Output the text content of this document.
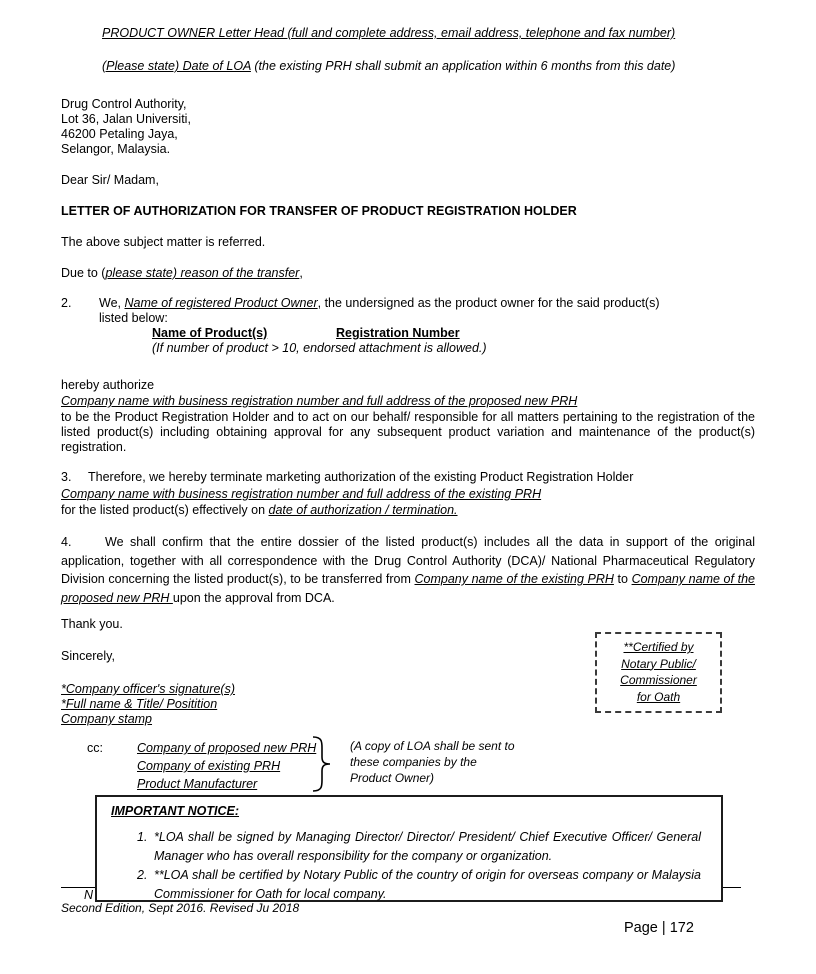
PRODUCT OWNER Letter Head (full and complete address, email address, telephone and fax number)
(Please state) Date of LOA (the existing PRH shall submit an application within 6 months from this date)
Drug Control Authority,
Lot 36, Jalan Universiti,
46200 Petaling Jaya,
Selangor, Malaysia.
Dear Sir/ Madam,
LETTER OF AUTHORIZATION FOR TRANSFER OF PRODUCT REGISTRATION HOLDER
The above subject matter is referred.
Due to (please state) reason of the transfer,
2. We, Name of registered Product Owner, the undersigned as the product owner for the said product(s)
listed below:
Name of Product(s)	Registration Number
(If number of product > 10, endorsed attachment is allowed.)
hereby authorize
Company name with business registration number and full address of the proposed new PRH
to be the Product Registration Holder and to act on our behalf/ responsible for all matters pertaining to the registration of the listed product(s) including obtaining approval for any subsequent product variation and maintenance of the product(s) registration.
3. Therefore, we hereby terminate marketing authorization of the existing Product Registration Holder
Company name with business registration number and full address of the existing PRH
for the listed product(s) effectively on date of authorization / termination.
4.	We shall confirm that the entire dossier of the listed product(s) includes all the data in support of the original application, together with all correspondence with the Drug Control Authority (DCA)/ National Pharmaceutical Regulatory Division concerning the listed product(s), to be transferred from Company name of the existing PRH to Company name of the proposed new PRH upon the approval from DCA.
Thank you.
Sincerely,
*Company officer's signature(s)
*Full name & Title/ Positition
Company stamp
**Certified by
Notary Public/
Commissioner
for Oath
cc:	Company of proposed new PRH
Company of existing PRH
Product Manufacturer
(A copy of LOA shall be sent to
these companies by the
Product Owner)
N
IMPORTANT NOTICE:
1. *LOA shall be signed by Managing Director/ Director/ President/ Chief Executive Officer/ General Manager who has overall responsibility for the company or organization.
2. **LOA shall be certified by Notary Public of the country of origin for overseas company or Malaysia Commissioner for Oath for local company.
Second Edition, Sept 2016. Revised Ju 2018
Page | 172
